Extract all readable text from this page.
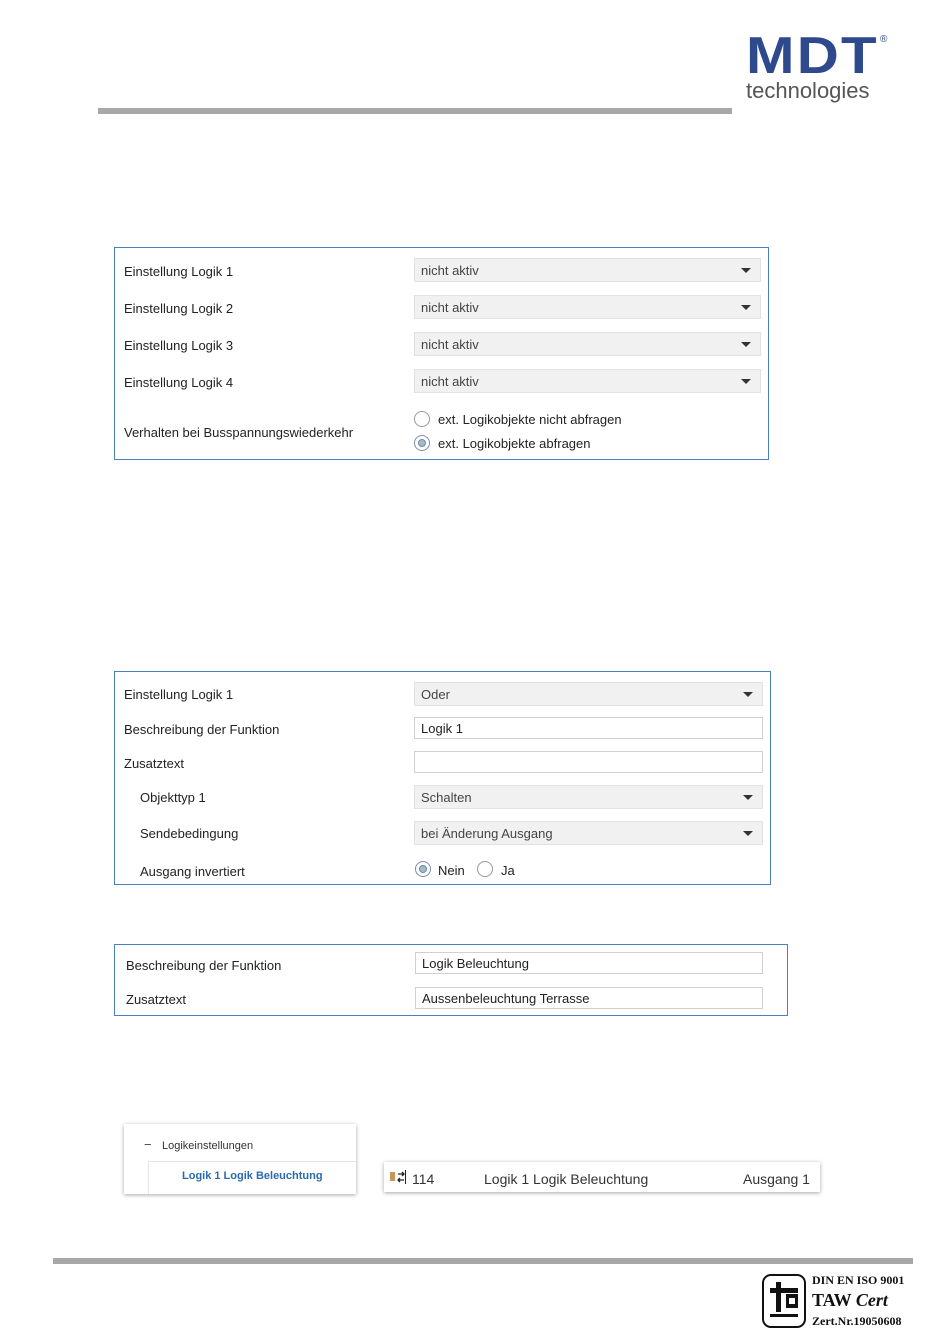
MDT ®
technologies
Einstellung Logik 1	nicht aktiv
Einstellung Logik 2	nicht aktiv
Einstellung Logik 3	nicht aktiv
Einstellung Logik 4	nicht aktiv
Verhalten bei Busspannungswiederkehr
ext. Logikobjekte nicht abfragen
ext. Logikobjekte abfragen
Einstellung Logik 1	Oder
Beschreibung der Funktion	Logik 1
Zusatztext
Objekttyp 1	Schalten
Sendebedingung	bei Änderung Ausgang
Ausgang invertiert	Nein	Ja
Beschreibung der Funktion	Logik Beleuchtung
Zusatztext	Aussenbeleuchtung Terrasse
− Logikeinstellungen
Logik 1 Logik Beleuchtung	114	Logik 1 Logik Beleuchtung	Ausgang 1
DIN EN ISO 9001
TAW Cert
Zert.Nr.19050608
